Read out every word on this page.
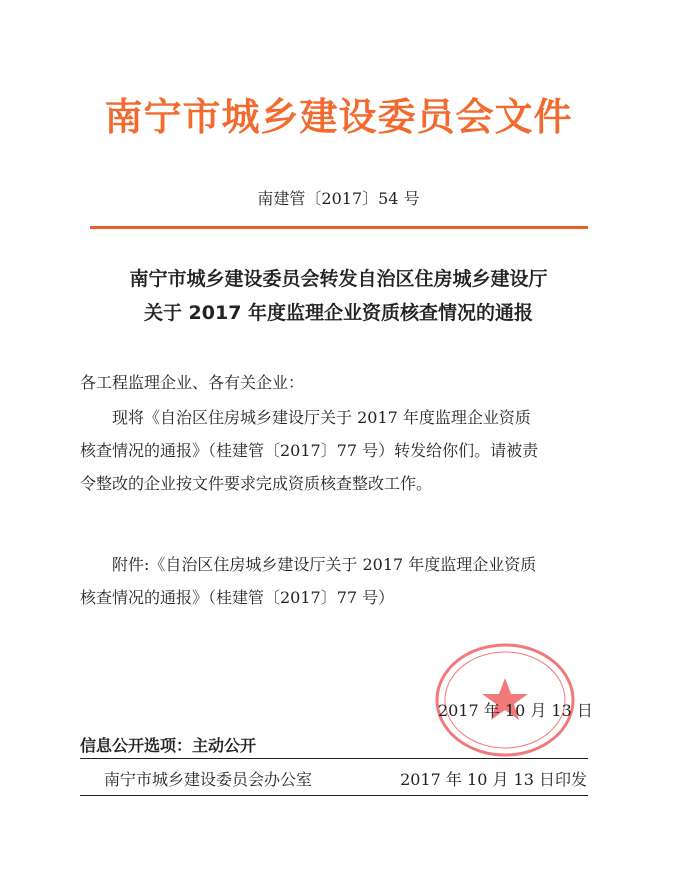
南宁市城乡建设委员会文件
南建管〔2017〕54 号
南宁市城乡建设委员会转发自治区住房城乡建设厅
关于 2017 年度监理企业资质核查情况的通报
各工程监理企业、各有关企业：
　　现将《自治区住房城乡建设厅关于 2017 年度监理企业资质
核查情况的通报》（桂建管〔2017〕77 号）转发给你们。请被责
令整改的企业按文件要求完成资质核查整改工作。
　　附件:《自治区住房城乡建设厅关于 2017 年度监理企业资质
核查情况的通报》（桂建管〔2017〕77 号）
2017 年 10 月 13 日
信息公开选项：主动公开
南宁市城乡建设委员会办公室	2017 年 10 月 13 日印发
